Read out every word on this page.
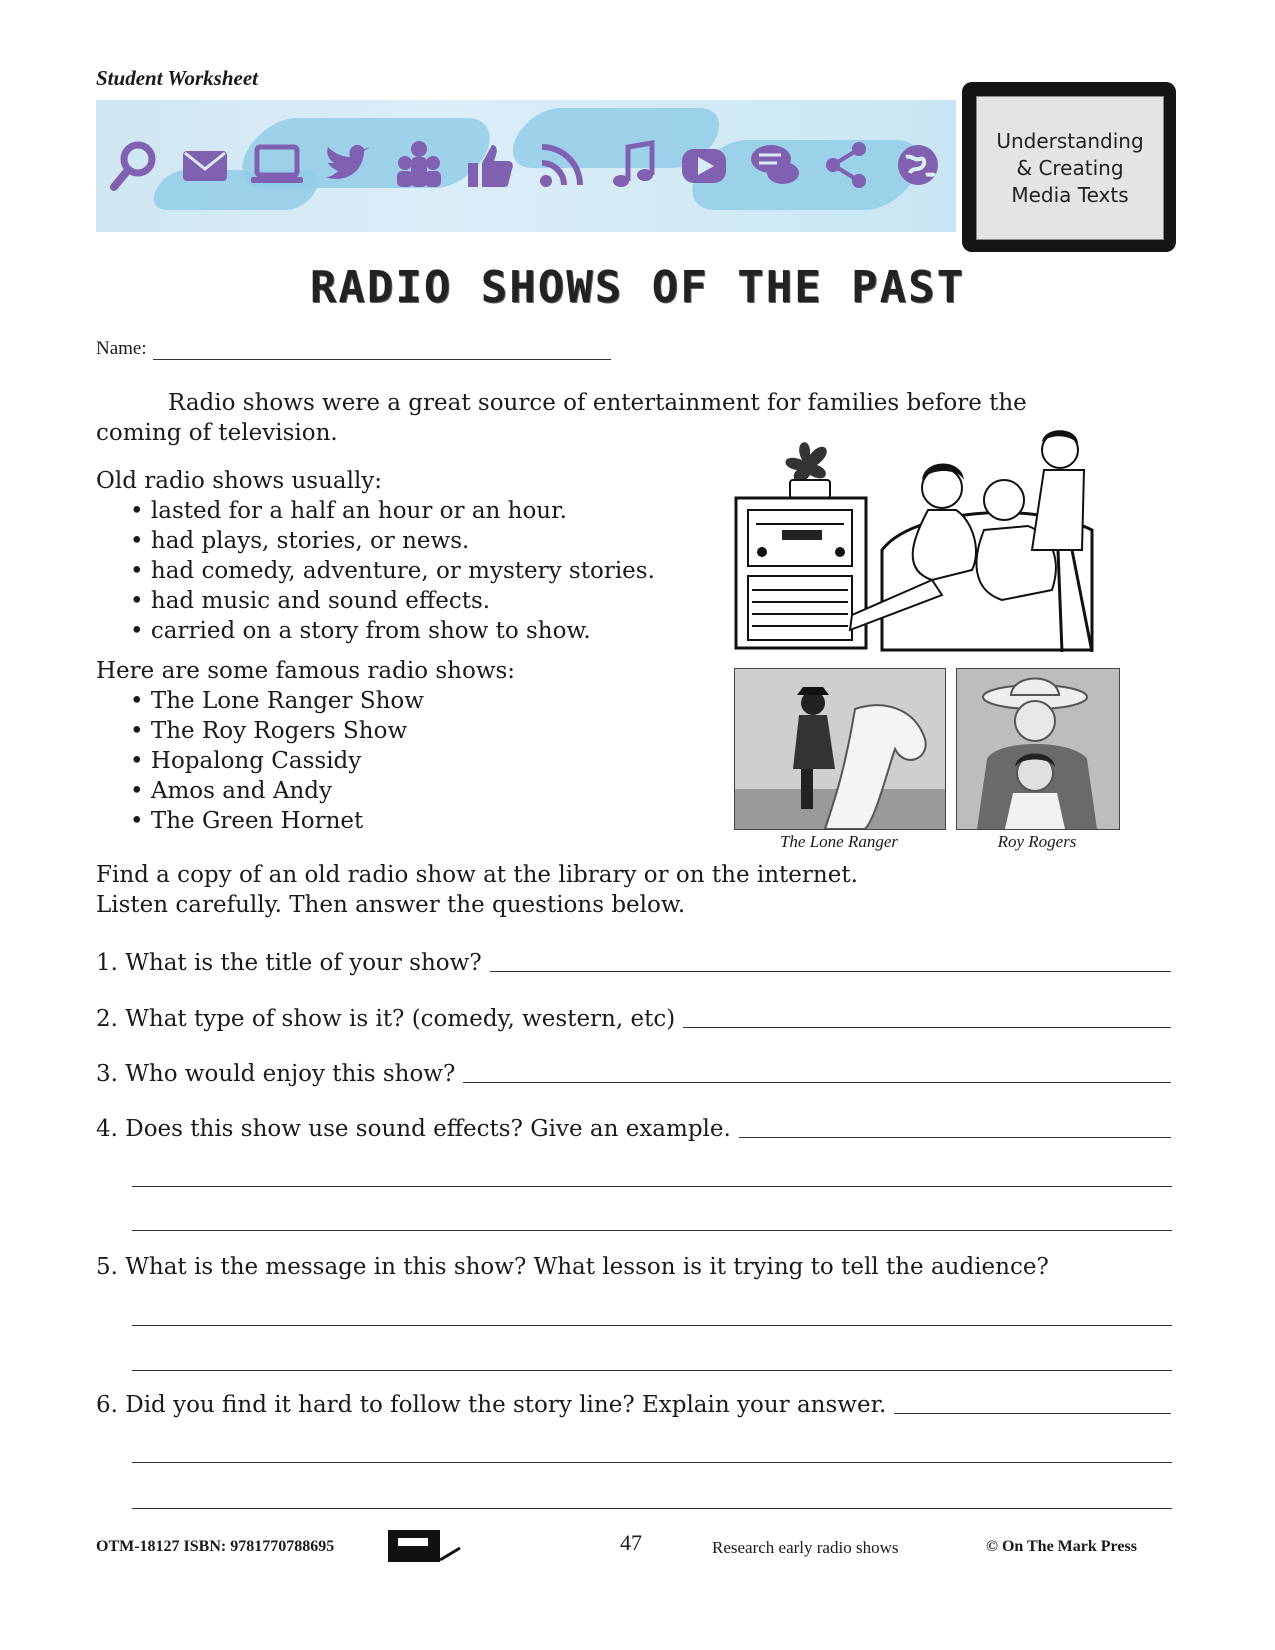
Student Worksheet
Understanding
& Creating
Media Texts
RADIO SHOWS OF THE PAST
Name:
Radio shows were a great source of entertainment for families before the
coming of television.
Old radio shows usually:
• lasted for a half an hour or an hour.
• had plays, stories, or news.
• had comedy, adventure, or mystery stories.
• had music and sound effects.
• carried on a story from show to show.
Here are some famous radio shows:
• The Lone Ranger Show
• The Roy Rogers Show
• Hopalong Cassidy
• Amos and Andy
• The Green Hornet
The Lone Ranger	Roy Rogers
Find a copy of an old radio show at the library or on the internet.
Listen carefully. Then answer the questions below.
1. What is the title of your show?
2. What type of show is it? (comedy, western, etc)
3. Who would enjoy this show?
4. Does this show use sound effects? Give an example.
5. What is the message in this show? What lesson is it trying to tell the audience?
6. Did you find it hard to follow the story line? Explain your answer.
OTM-18127 ISBN: 9781770788695	47	Research early radio shows	© On The Mark Press
